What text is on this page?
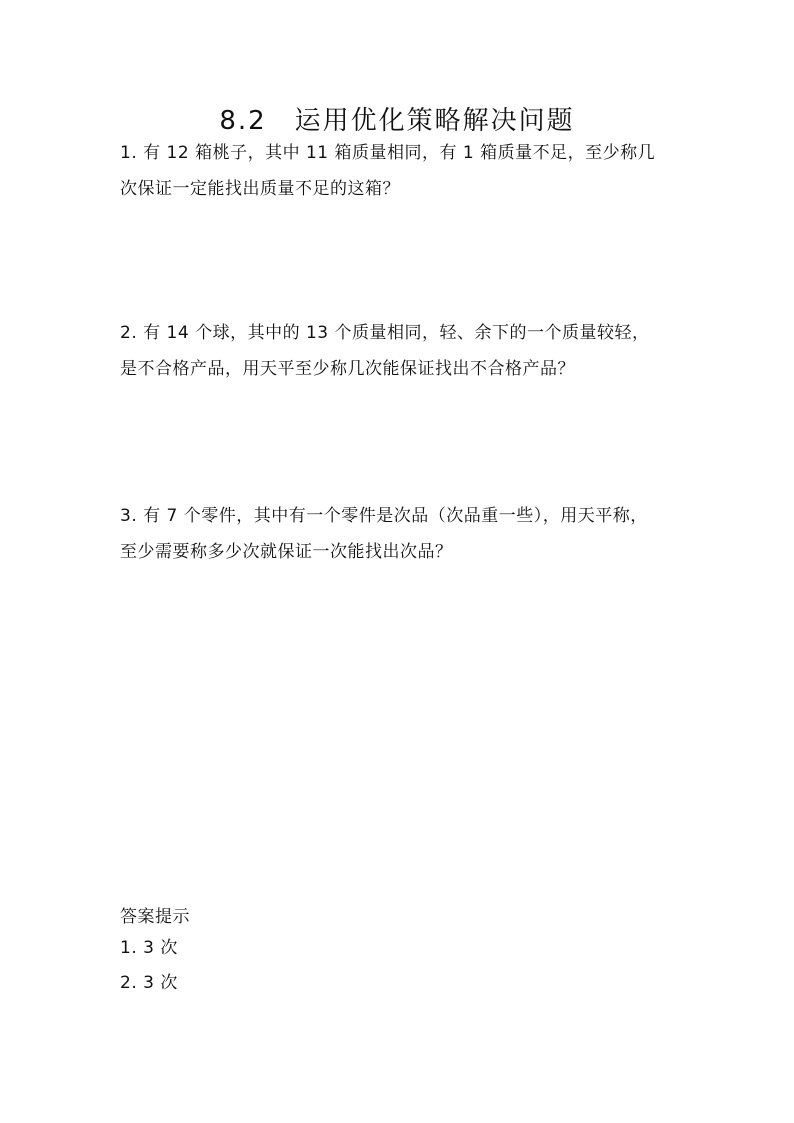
8.2　运用优化策略解决问题
1. 有 12 箱桃子，其中 11 箱质量相同，有 1 箱质量不足，至少称几
次保证一定能找出质量不足的这箱？
2. 有 14 个球，其中的 13 个质量相同，轻、余下的一个质量较轻，
是不合格产品，用天平至少称几次能保证找出不合格产品？
3. 有 7 个零件，其中有一个零件是次品（次品重一些），用天平称，
至少需要称多少次就保证一次能找出次品？
答案提示
1. 3 次
2. 3 次
